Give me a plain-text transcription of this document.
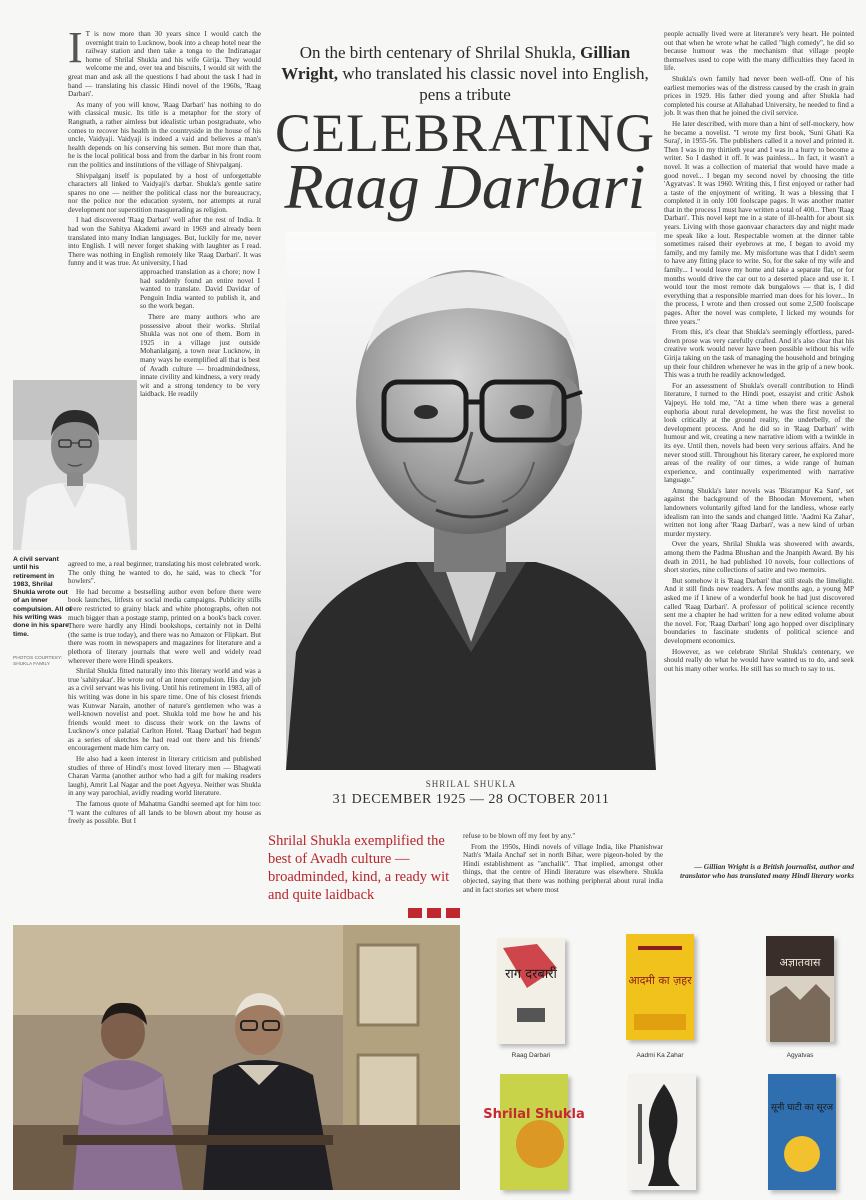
I T is now more than 30 years since I would catch the overnight train to Lucknow, book into a cheap hotel near the railway station and then take a tonga to the Indiranagar home of Shrilal Shukla and his wife Girija. They would welcome me and, over tea and biscuits, I would sit with the great man and ask all the questions I had about the task I had in hand — translating his classic Hindi novel of the 1960s, 'Raag Darbari'.

As many of you will know, 'Raag Darbari' has nothing to do with classical music. Its title is a metaphor for the story of Rangnath, a rather aimless but idealistic urban postgraduate, who comes to recover his health in the countryside in the house of his uncle, Vaidyaji. Vaidyaji is indeed a vaid and believes a man's health depends on his conserving his semen. But more than that, he is the local political boss and from the darbar in his front room run the politics and institutions of the village of Shivpalganj.

Shivpalganj itself is populated by a host of unforgettable characters all linked to Vaidyaji's darbar. Shukla's gentle satire spares no one — neither the political class nor the bureaucracy, nor the police nor the education system, nor attempts at rural development nor superstition masquerading as religion.

I had discovered 'Raag Darbari' well after the rest of India. It had won the Sahitya Akademi award in 1969 and already been translated into many Indian languages. But, luckily for me, never into English. I will never forget shaking with laughter as I read. There was nothing in English remotely like 'Raag Darbari'. It was funny and it was true. At university, I had

A civil servant until his retirement in 1983, Shrilal Shukla wrote out of an inner compulsion. All of his writing was done in his spare time.
PHOTOS COURTESY: SHUKLA FAMILY

approached translation as a chore; now I had suddenly found an entire novel I wanted to translate. David Davidar of Penguin India wanted to publish it, and so the work began.

There are many authors who are possessive about their works. Shrilal Shukla was not one of them. Born in 1925 in a village just outside Mohanlalganj, a town near Lucknow, in many ways he exemplified all that is best of Avadh culture — broadmindedness, innate civility and kindness, a very ready wit and a strong tendency to be very laidback. He readily

agreed to me, a real beginner, translating his most celebrated work. The only thing he wanted to do, he said, was to check "for howlers".

He had become a bestselling author even before there were book launches, litfests or social media campaigns. Publicity stills were restricted to grainy black and white photographs, often not much bigger than a postage stamp, printed on a book's back cover. There were hardly any Hindi bookshops, certainly not in Delhi (the same is true today), and there was no Amazon or Flipkart. But there was room in newspapers and magazines for literature and a plethora of literary journals that were well and widely read wherever there were Hindi speakers.

Shrilal Shukla fitted naturally into this literary world and was a true 'sahityakar'. He wrote out of an inner compulsion. His day job as a civil servant was his living. Until his retirement in 1983, all of his writing was done in his spare time. One of his closest friends was Kunwar Narain, another of nature's gentlemen who was a well-known novelist and poet. Shukla told me how he and his friends would meet to discuss their work on the lawns of Lucknow's once palatial Carlton Hotel. 'Raag Darbari' had begun as a series of sketches he had read out there and his friends' encouragement made him carry on.

He also had a keen interest in literary criticism and published studies of three of Hindi's most loved literary men — Bhagwati Charan Varma (another author who had a gift for making readers laugh), Amrit Lal Nagar and the poet Agyeya. Neither was Shukla in any way parochial, avidly reading world literature.

The famous quote of Mahatma Gandhi seemed apt for him too: "I want the cultures of all lands to be blown about my house as freely as possible. But I

On the birth centenary of Shrilal Shukla, Gillian Wright, who translated his classic novel into English, pens a tribute
CELEBRATING
Raag Darbari
SHRILAL SHUKLA
31 DECEMBER 1925 — 28 OCTOBER 2011
Shrilal Shukla exemplified the best of Avadh culture — broadminded, kind, a ready wit and quite laidback

refuse to be blown off my feet by any."

From the 1950s, Hindi novels of village India, like Phanishwar Nath's 'Maila Anchal' set in north Bihar, were pigeon-holed by the Hindi establishment as "anchalik". That implied, amongst other things, that the centre of Hindi literature was elsewhere. Shukla objected, saying that there was nothing peripheral about rural india and in fact stories set where most

people actually lived were at literature's very heart. He pointed out that when he wrote what he called "high comedy", he did so because humour was the mechanism that village people themselves used to cope with the many difficulties they faced in life.

Shukla's own family had never been well-off. One of his earliest memories was of the distress caused by the crash in grain prices in 1929. His father died young and after Shukla had completed his course at Allahabad University, he needed to find a job. It was then that he joined the civil service.

He later described, with more than a hint of self-mockery, how he became a novelist. "I wrote my first book, 'Suni Ghati Ka Suraj', in 1955-56. The publishers called it a novel and printed it. Then I was in my thirtieth year and I was in a hurry to become a writer. So I dashed it off. It was painless... In fact, it wasn't a novel. It was a collection of material that would have made a good novel... I began my second novel by choosing the title 'Agyatvas'. It was 1960. Writing this, I first enjoyed or rather had a taste of the enjoyment of writing. It was a blessing that I completed it in only 100 foolscape pages. It was another matter that in the process I must have written a total of 400... Then 'Raag Darbari'. This novel kept me in a state of ill-health for about six years. Living with those gaonvaar characters day and night made me speak like a lout. Respectable women at the dinner table sometimes raised their eyebrows at me, I began to avoid my family, and my family me. My misfortune was that I didn't seem to have any fitting place to write. So, for the sake of my wife and family... I would leave my home and take a separate flat, or for months would drive the car out to a deserted place and use it. I would tour the most remote dak bungalows — that is, I did everything that a responsible married man does for his lover... In the process, I wrote and then crossed out some 2,500 foolscape pages. After the novel was complete, I licked my wounds for three years."

From this, it's clear that Shukla's seemingly effortless, pared-down prose was very carefully crafted. And it's also clear that his creative work would never have been possible without his wife Girija taking on the task of managing the household and bringing up their four children whenever he was in the grip of a new book. This was a truth he readily acknowledged.

For an assessment of Shukla's overall contribution to Hindi literature, I turned to the Hindi poet, essayist and critic Ashok Vajpeyi. He told me, "At a time when there was a general euphoria about rural development, he was the first novelist to look critically at the ground reality, the underbelly, of the development process. And he did so in 'Raag Darbari' with humour and wit, creating a new narrative idiom with a twinkle in its eye. Until then, novels had been very serious affairs. And he never stood still. Throughout his literary career, he explored more areas of the reality of our times, a wide range of human experience, and continually experimented with narrative language."

Among Shukla's later novels was 'Bisrampur Ka Sant', set against the background of the Bhoodan Movement, when landowners voluntarily gifted land for the landless, whose early idealism ran into the sands and changed little. 'Aadmi Ka Zahar', written not long after 'Raag Darbari', was a new kind of urban murder mystery.

Over the years, Shrilal Shukla was showered with awards, among them the Padma Bhushan and the Jnanpith Award. By his death in 2011, he had published 10 novels, four collections of short stories, nine collections of satire and two memoirs.

But somehow it is 'Raag Darbari' that still steals the limelight. And it still finds new readers. A few months ago, a young MP asked me if I knew of a wonderful book he had just discovered called 'Raag Darbari'. A professor of political science recently sent me a chapter he had written for a new edited volume about the novel. For, 'Raag Darbari' long ago hopped over disciplinary boundaries to fascinate students of political science and development economics.

However, as we celebrate Shrilal Shukla's centenary, we should really do what he would have wanted us to do, and seek out his many other works. He still has so much to say to us.

— Gillian Wright is a British journalist, author and translator who has translated many Hindi literary works
राग दरबारी
Raag Darbari
आदमी का ज़हर
Aadmi Ka Zahar
अज्ञातवास
Agyatvas
Shrilal Shukla	सूनी घाटी का सूरज
